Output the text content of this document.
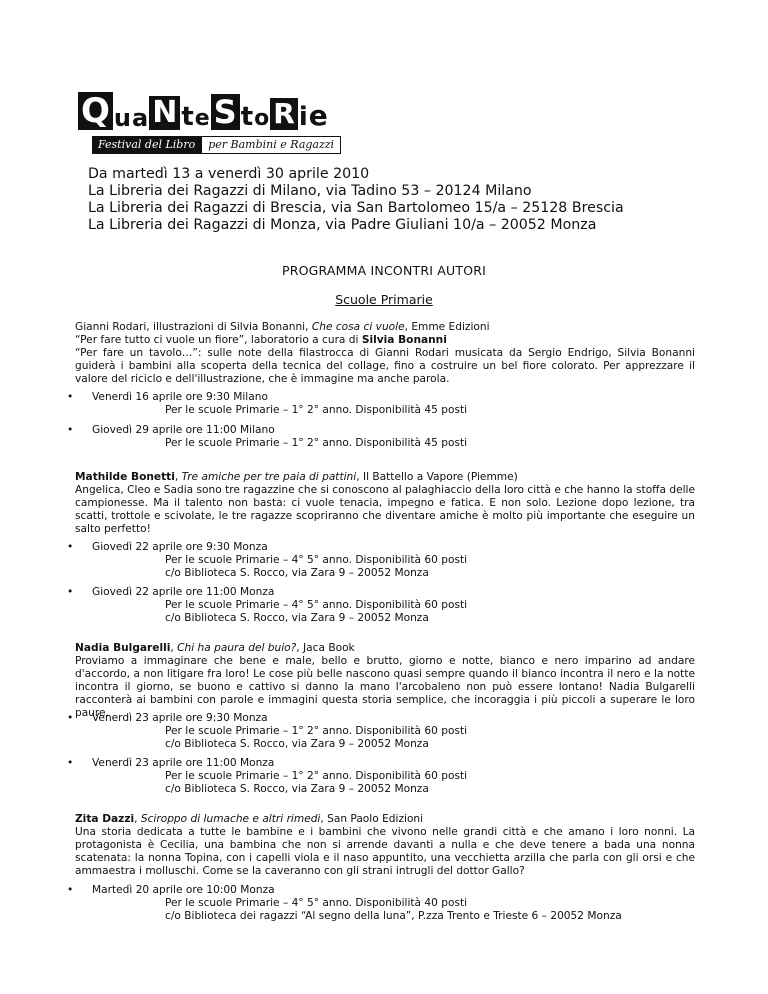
Q u a N t e S t o R i e
Festival del Libro	per Bambini e Ragazzi
Da martedì 13 a venerdì 30 aprile 2010
La Libreria dei Ragazzi di Milano, via Tadino 53 – 20124 Milano
La Libreria dei Ragazzi di Brescia, via San Bartolomeo 15/a – 25128 Brescia
La Libreria dei Ragazzi di Monza, via Padre Giuliani 10/a – 20052 Monza
PROGRAMMA INCONTRI AUTORI
Scuole Primarie
Gianni Rodari, illustrazioni di Silvia Bonanni, Che cosa ci vuole, Emme Edizioni
“Per fare tutto ci vuole un fiore”, laboratorio a cura di Silvia Bonanni
“Per fare un tavolo…”: sulle note della filastrocca di Gianni Rodari musicata da Sergio Endrigo, Silvia Bonanni guiderà i bambini alla scoperta della tecnica del collage, fino a costruire un bel fiore colorato. Per apprezzare il valore del riciclo e dell'illustrazione, che è immagine ma anche parola.
• Venerdì 16 aprile ore 9:30 Milano
Per le scuole Primarie – 1° 2° anno. Disponibilità 45 posti
• Giovedì 29 aprile ore 11:00 Milano
Per le scuole Primarie – 1° 2° anno. Disponibilità 45 posti
Mathilde Bonetti, Tre amiche per tre paia di pattini, Il Battello a Vapore (Piemme)
Angelica, Cleo e Sadia sono tre ragazzine che si conoscono al palaghiaccio della loro città e che hanno la stoffa delle campionesse. Ma il talento non basta: ci vuole tenacia, impegno e fatica. E non solo. Lezione dopo lezione, tra scatti, trottole e scivolate, le tre ragazze scopriranno che diventare amiche è molto più importante che eseguire un salto perfetto!
• Giovedì 22 aprile ore 9:30 Monza
Per le scuole Primarie – 4° 5° anno. Disponibilità 60 posti
c/o Biblioteca S. Rocco, via Zara 9 – 20052 Monza
• Giovedì 22 aprile ore 11:00 Monza
Per le scuole Primarie – 4° 5° anno. Disponibilità 60 posti
c/o Biblioteca S. Rocco, via Zara 9 – 20052 Monza
Nadia Bulgarelli, Chi ha paura del buio?, Jaca Book
Proviamo a immaginare che bene e male, bello e brutto, giorno e notte, bianco e nero imparino ad andare d'accordo, a non litigare fra loro! Le cose più belle nascono quasi sempre quando il bianco incontra il nero e la notte incontra il giorno, se buono e cattivo si danno la mano l'arcobaleno non può essere lontano! Nadia Bulgarelli racconterà ai bambini con parole e immagini questa storia semplice, che incoraggia i più piccoli a superare le loro paure.
• Venerdì 23 aprile ore 9:30 Monza
Per le scuole Primarie – 1° 2° anno. Disponibilità 60 posti
c/o Biblioteca S. Rocco, via Zara 9 – 20052 Monza
• Venerdì 23 aprile ore 11:00 Monza
Per le scuole Primarie – 1° 2° anno. Disponibilità 60 posti
c/o Biblioteca S. Rocco, via Zara 9 – 20052 Monza
Zita Dazzi, Sciroppo di lumache e altri rimedi, San Paolo Edizioni
Una storia dedicata a tutte le bambine e i bambini che vivono nelle grandi città e che amano i loro nonni. La protagonista è Cecilia, una bambina che non si arrende davanti a nulla e che deve tenere a bada una nonna scatenata: la nonna Topina, con i capelli viola e il naso appuntito, una vecchietta arzilla che parla con gli orsi e che ammaestra i molluschi. Come se la caveranno con gli strani intrugli del dottor Gallo?
• Martedì 20 aprile ore 10:00 Monza
Per le scuole Primarie – 4° 5° anno. Disponibilità 40 posti
c/o Biblioteca dei ragazzi “Al segno della luna”, P.zza Trento e Trieste 6 – 20052 Monza
